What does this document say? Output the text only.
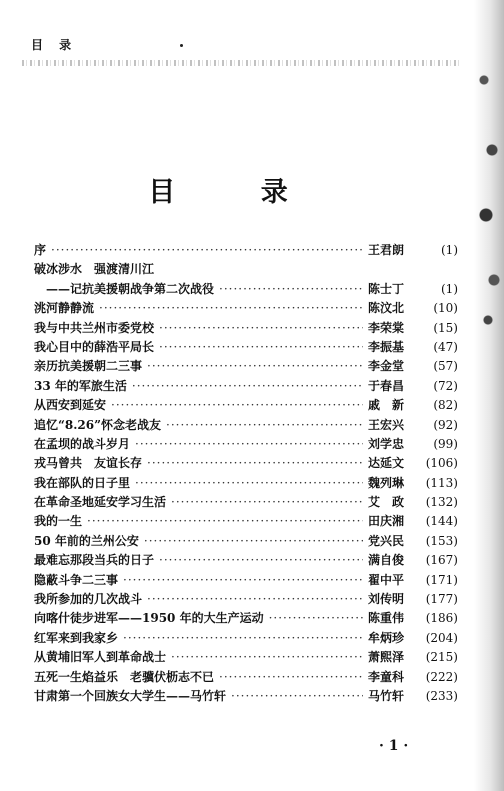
目 录
目 录
序 ·····	王君朗	(1)
破冰涉水　强渡清川江
——记抗美援朝战争第二次战役 ·····	陈士丁	(1)
洮河静静流 ·····	陈汶北	(10)
我与中共兰州市委党校 ·····	李荣棠	(15)
我心目中的薛浩平局长 ·····	李振基	(47)
亲历抗美援朝二三事 ·····	李金堂	(57)
33 年的军旅生活 ·····	于春昌	(72)
从西安到延安 ·····	戚　新	(82)
追忆“8.26”怀念老战友 ·····	王宏兴	(92)
在孟坝的战斗岁月 ·····	刘学忠	(99)
戎马曾共　友谊长存 ·····	达延文	(106)
我在部队的日子里 ·····	魏列琳	(113)
在革命圣地延安学习生活 ·····	艾　政	(132)
我的一生 ·····	田庆湘	(144)
50 年前的兰州公安 ·····	党兴民	(153)
最难忘那段当兵的日子 ·····	满自俊	(167)
隐蔽斗争二三事 ·····	翟中平	(171)
我所参加的几次战斗 ·····	刘传明	(177)
向喀什徒步进军——1950 年的大生产运动 ·····	陈重伟	(186)
红军来到我家乡 ·····	牟炳珍	(204)
从黄埔旧军人到革命战士 ·····	萧熙泽	(215)
五死一生焰益乐　老骥伏枥志不已 ·····	李童科	(222)
甘肃第一个回族女大学生——马竹轩 ·····	马竹轩	(233)
· 1 ·
